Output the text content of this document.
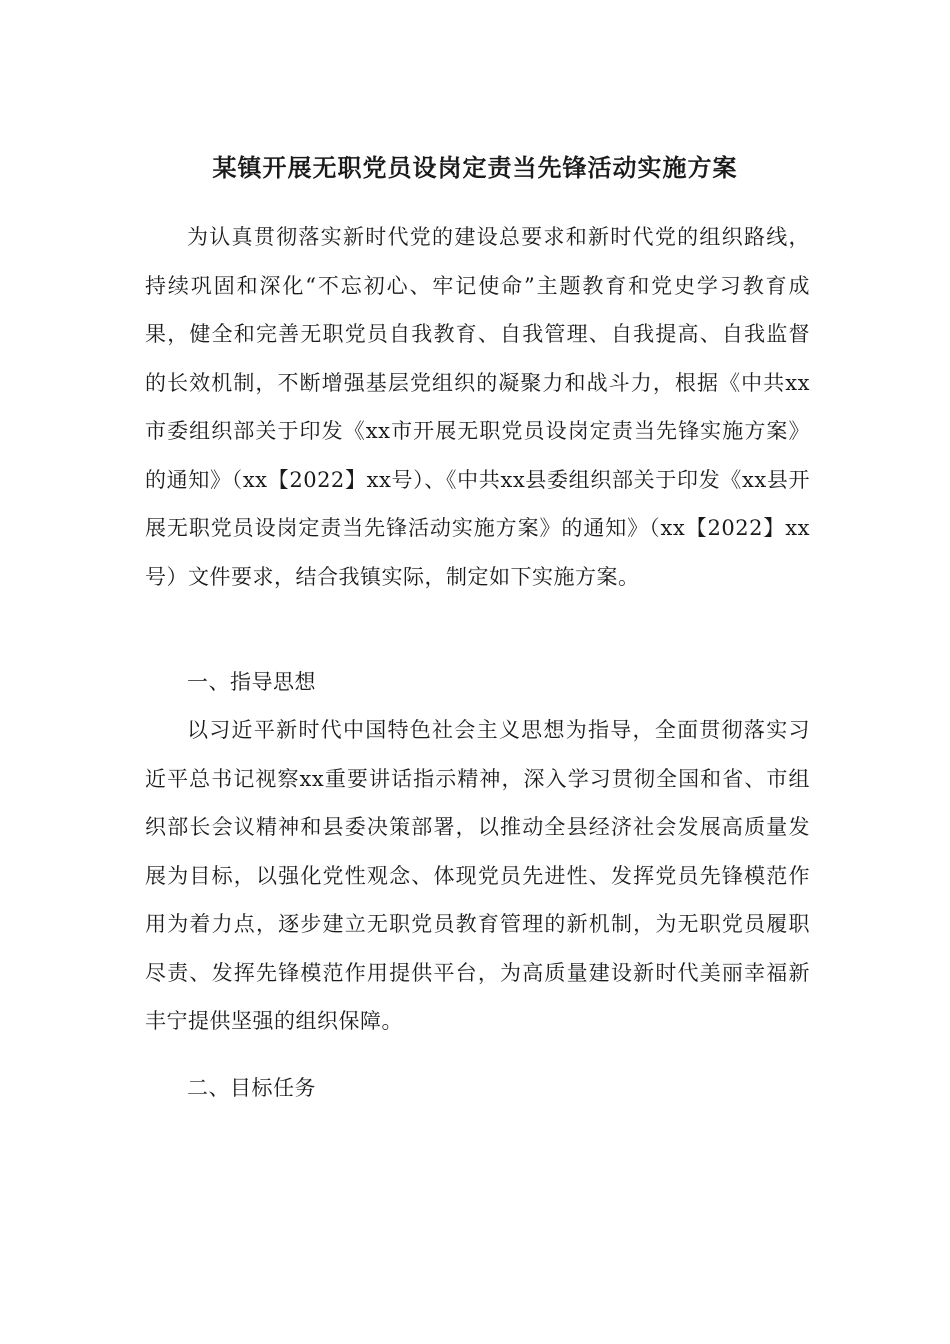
某镇开展无职党员设岗定责当先锋活动实施方案

为认真贯彻落实新时代党的建设总要求和新时代党的组织路线，持续巩固和深化“不忘初心、牢记使命”主题教育和党史学习教育成果，健全和完善无职党员自我教育、自我管理、自我提高、自我监督的长效机制，不断增强基层党组织的凝聚力和战斗力，根据《中共xx市委组织部关于印发《xx市开展无职党员设岗定责当先锋实施方案》的通知》（xx【2022】xx号）、《中共xx县委组织部关于印发《xx县开展无职党员设岗定责当先锋活动实施方案》的通知》（xx【2022】xx号）文件要求，结合我镇实际，制定如下实施方案。

一、指导思想

以习近平新时代中国特色社会主义思想为指导，全面贯彻落实习近平总书记视察xx重要讲话指示精神，深入学习贯彻全国和省、市组织部长会议精神和县委决策部署，以推动全县经济社会发展高质量发展为目标，以强化党性观念、体现党员先进性、发挥党员先锋模范作用为着力点，逐步建立无职党员教育管理的新机制，为无职党员履职尽责、发挥先锋模范作用提供平台，为高质量建设新时代美丽幸福新丰宁提供坚强的组织保障。

二、目标任务
